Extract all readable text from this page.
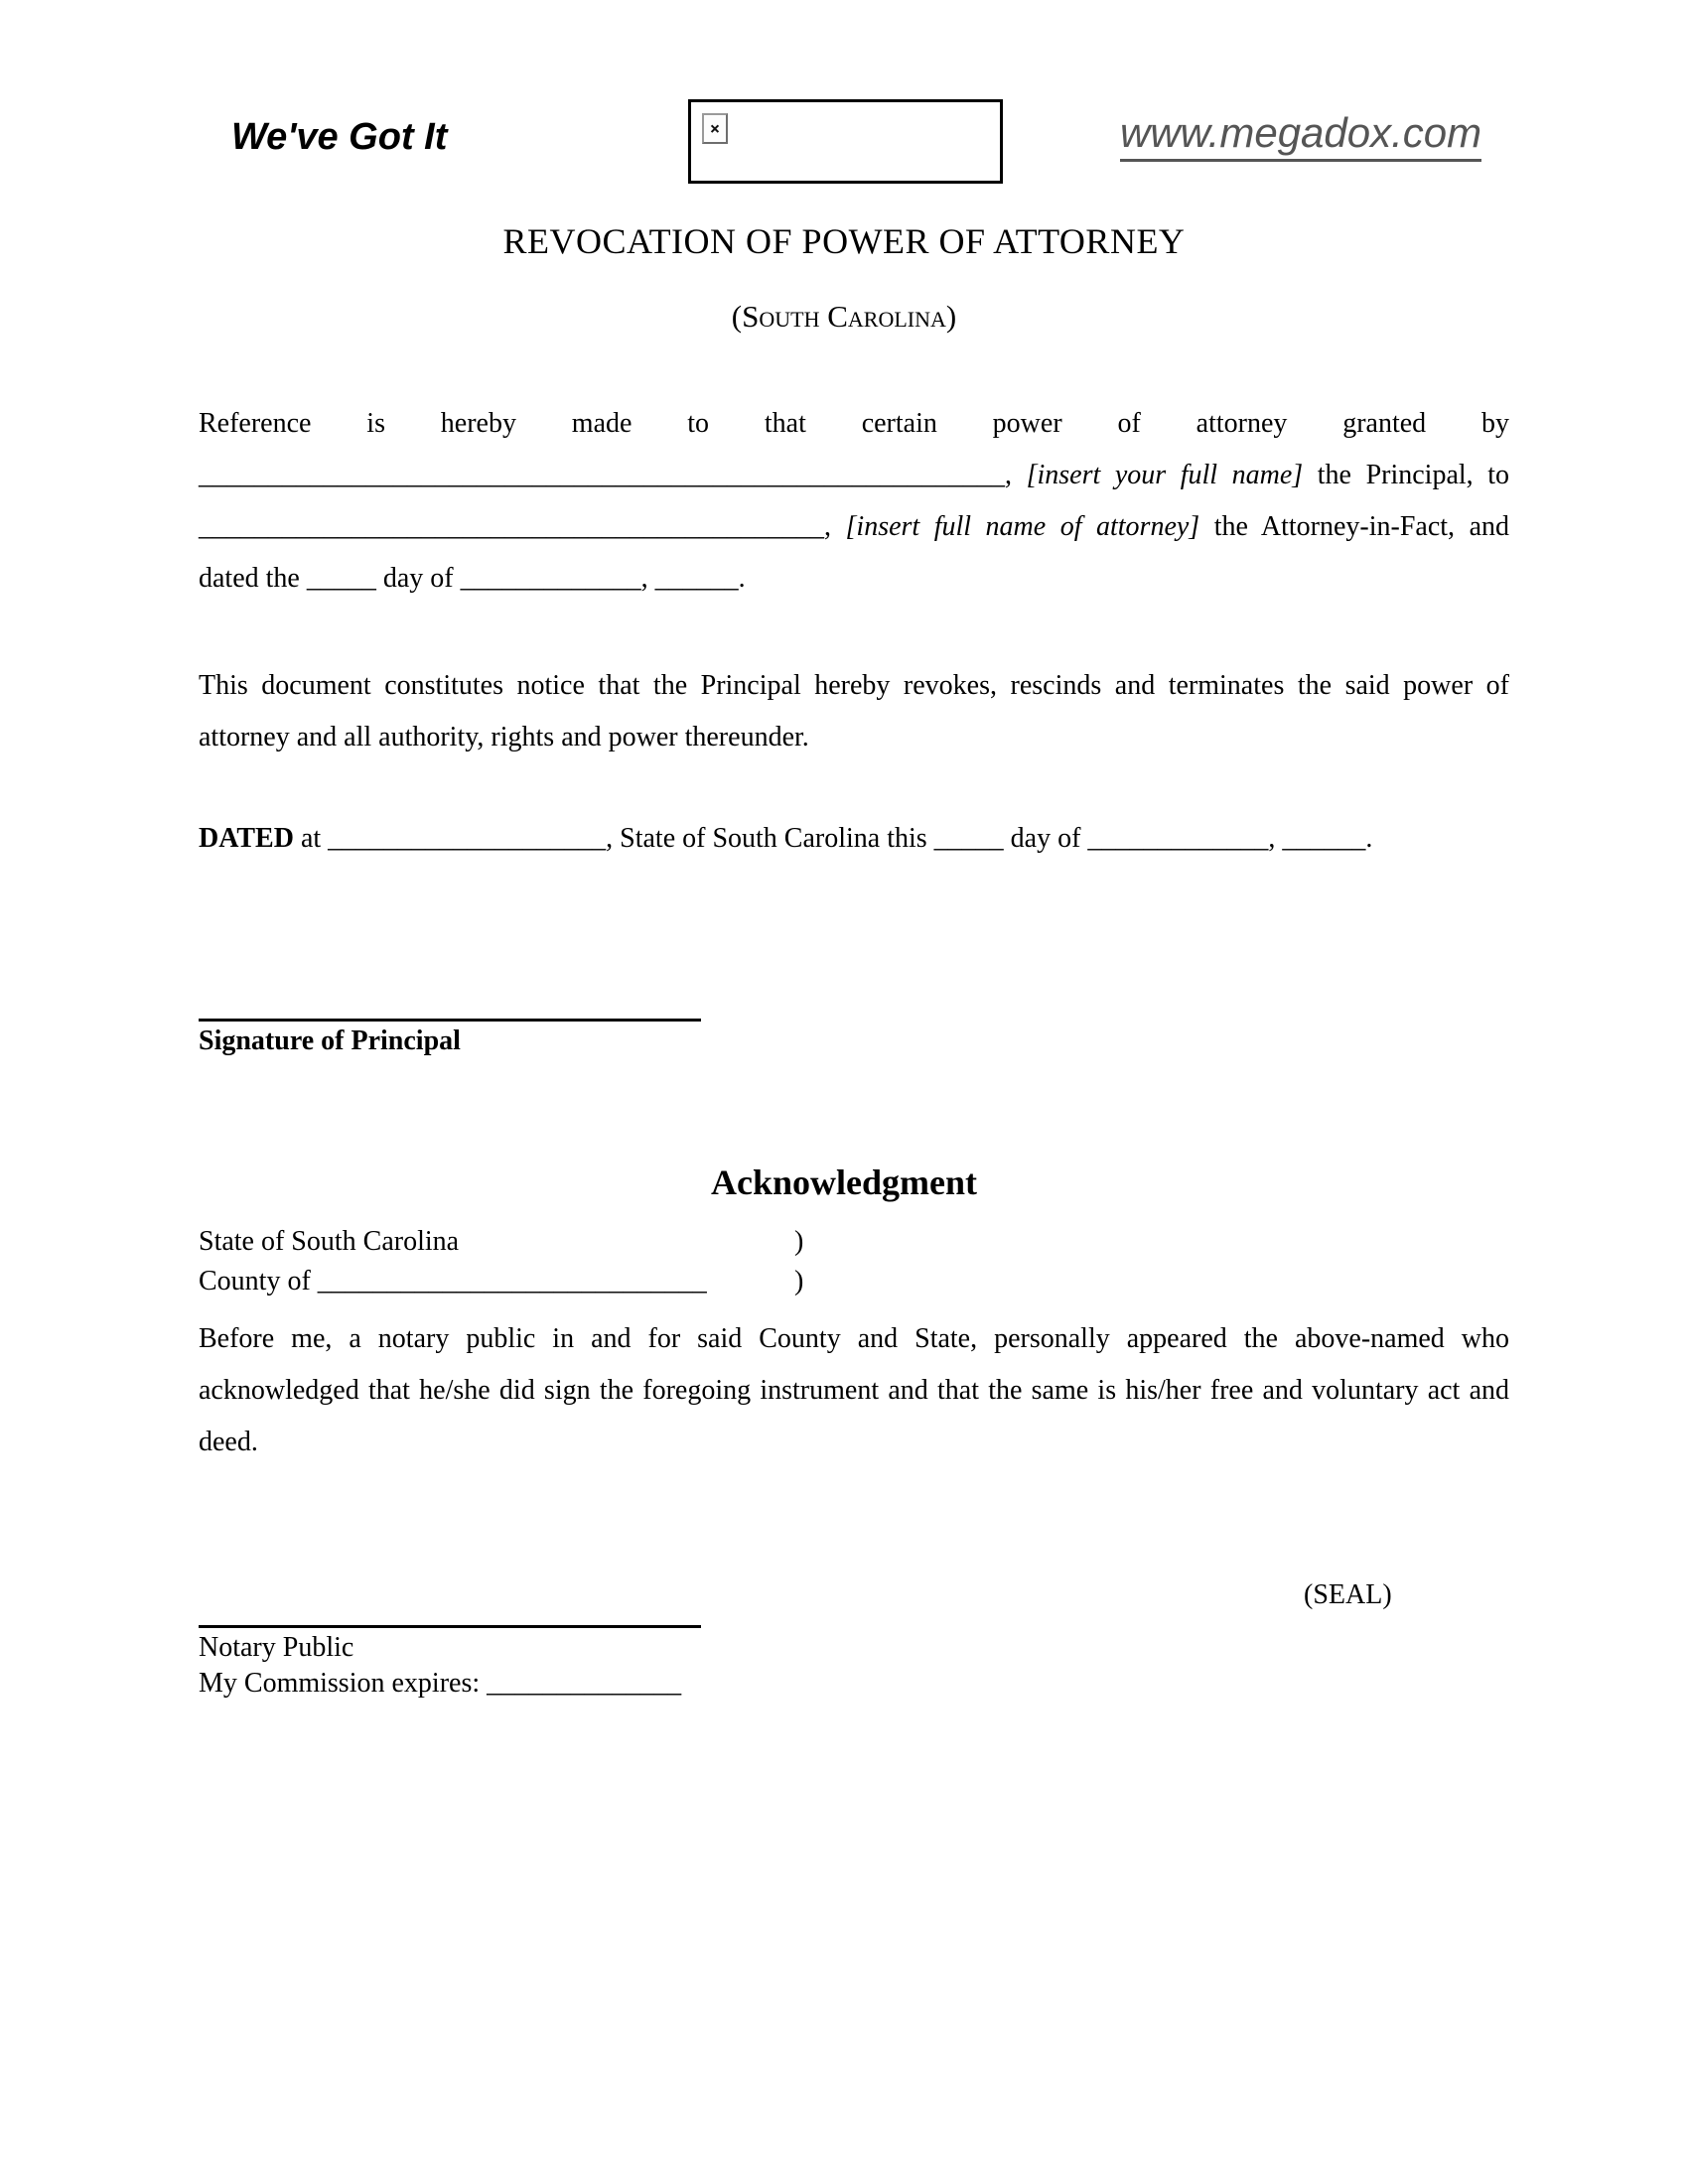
We've Got It	×	www.megadox.com
REVOCATION OF POWER OF ATTORNEY
(South Carolina)
Reference is hereby made to that certain power of attorney granted by
__________________________________________________________, [insert your full name] the Principal, to
_____________________________________________, [insert full name of attorney] the Attorney-in-Fact, and
dated the _____ day of _____________, ______.
This document constitutes notice that the Principal hereby revokes, rescinds and terminates the said power of attorney and all authority, rights and power thereunder.
DATED at ____________________, State of South Carolina this _____ day of _____________, ______.
Signature of Principal
Acknowledgment
State of South Carolina	)
County of ____________________________	)
Before me, a notary public in and for said County and State, personally appeared the above-named who acknowledged that he/she did sign the foregoing instrument and that the same is his/her free and voluntary act and deed.
(SEAL)
Notary Public
My Commission expires: ______________
